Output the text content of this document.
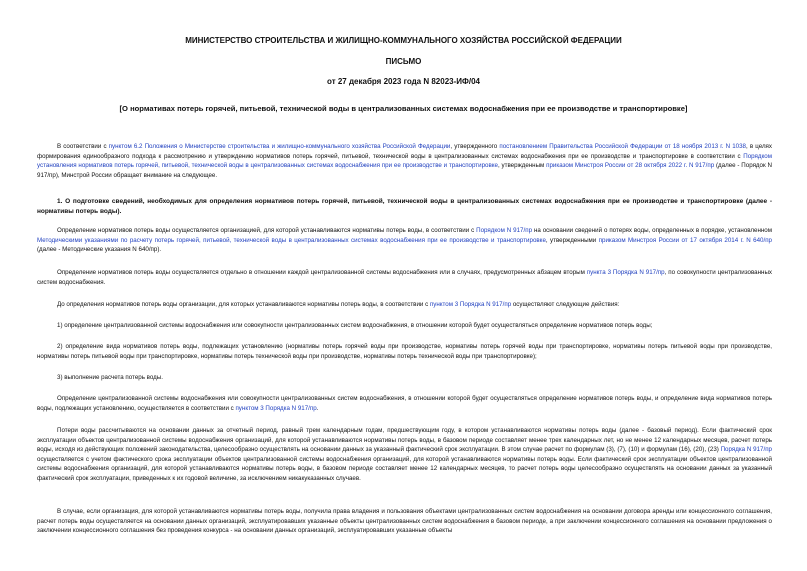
МИНИСТЕРСТВО СТРОИТЕЛЬСТВА И ЖИЛИЩНО-КОММУНАЛЬНОГО ХОЗЯЙСТВА РОССИЙСКОЙ ФЕДЕРАЦИИ
ПИСЬМО
от 27 декабря 2023 года N 82023-ИФ/04
[О нормативах потерь горячей, питьевой, технической воды в централизованных системах водоснабжения при ее производстве и транспортировке]

В соответствии с пунктом 6.2 Положения о Министерстве строительства и жилищно-коммунального хозяйства Российской Федерации, утвержденного постановлением Правительства Российской Федерации от 18 ноября 2013 г. N 1038, в целях формирования единообразного подхода к рассмотрению и утверждению нормативов потерь горячей, питьевой, технической воды в централизованных системах водоснабжения при ее производстве и транспортировке в соответствии с Порядком установления нормативов потерь горячей, питьевой, технической воды в централизованных системах водоснабжения при ее производстве и транспортировке, утвержденным приказом Минстроя России от 28 октября 2022 г. N 917/пр (далее - Порядок N 917/пр), Минстрой России обращает внимание на следующее.

1. О подготовке сведений, необходимых для определения нормативов потерь горячей, питьевой, технической воды в централизованных системах водоснабжения при ее производстве и транспортировке (далее - нормативы потерь воды).

Определение нормативов потерь воды осуществляется организацией, для которой устанавливаются нормативы потерь воды, в соответствии с Порядком N 917/пр на основании сведений о потерях воды, определенных в порядке, установленном Методическими указаниями по расчету потерь горячей, питьевой, технической воды в централизованных системах водоснабжения при ее производстве и транспортировке, утвержденными приказом Минстроя России от 17 октября 2014 г. N 640/пр (далее - Методические указания N 640/пр).

Определение нормативов потерь воды осуществляется отдельно в отношении каждой централизованной системы водоснабжения или в случаях, предусмотренных абзацем вторым пункта 3 Порядка N 917/пр, по совокупности централизованных систем водоснабжения.

До определения нормативов потерь воды организации, для которых устанавливаются нормативы потерь воды, в соответствии с пунктом 3 Порядка N 917/пр осуществляют следующие действия:

1) определение централизованной системы водоснабжения или совокупности централизованных систем водоснабжения, в отношении которой будет осуществляться определение нормативов потерь воды;

2) определение вида нормативов потерь воды, подлежащих установлению (нормативы потерь горячей воды при производстве, нормативы потерь горячей воды при транспортировке, нормативы потерь питьевой воды при производстве, нормативы потерь питьевой воды при транспортировке, нормативы потерь технической воды при производстве, нормативы потерь технической воды при транспортировке);

3) выполнение расчета потерь воды.

Определение централизованной системы водоснабжения или совокупности централизованных систем водоснабжения, в отношении которой будет осуществляться определение нормативов потерь воды, и определение вида нормативов потерь воды, подлежащих установлению, осуществляется в соответствии с пунктом 3 Порядка N 917/пр.

Потери воды рассчитываются на основании данных за отчетный период, равный трем календарным годам, предшествующим году, в котором устанавливаются нормативы потерь воды (далее - базовый период). Если фактический срок эксплуатации объектов централизованной системы водоснабжения организаций, для которой устанавливаются нормативы потерь воды, в базовом периоде составляет менее трех календарных лет, но не менее 12 календарных месяцев, расчет потерь воды, исходя из действующих положений законодательства, целесообразно осуществлять на основании данных за указанный фактический срок эксплуатации. В этом случае расчет по формулам (3), (7), (10) и формулам (16), (20), (23) Порядка N 917/пр осуществляется с учетом фактического срока эксплуатации объектов централизованной системы водоснабжения организаций, для которой устанавливаются нормативы потерь воды. Если фактический срок эксплуатации объектов централизованной системы водоснабжения организаций, для которой устанавливаются нормативы потерь воды, в базовом периоде составляет менее 12 календарных месяцев, то расчет потерь воды целесообразно осуществлять на основании данных за указанный фактический срок эксплуатации, приведенных к их годовой величине, за исключением никакуказанных случаев.

В случае, если организация, для которой устанавливаются нормативы потерь воды, получила права владения и пользования объектами централизованных систем водоснабжения на основании договора аренды или концессионного соглашения, расчет потерь воды осуществляется на основании данных организаций, эксплуатировавших указанные объекты централизованных систем водоснабжения в базовом периоде, а при заключении концессионного соглашения на основании предложения о заключении концессионного соглашения без проведения конкурса - на основании данных организаций, эксплуатировавших указанные объекты
